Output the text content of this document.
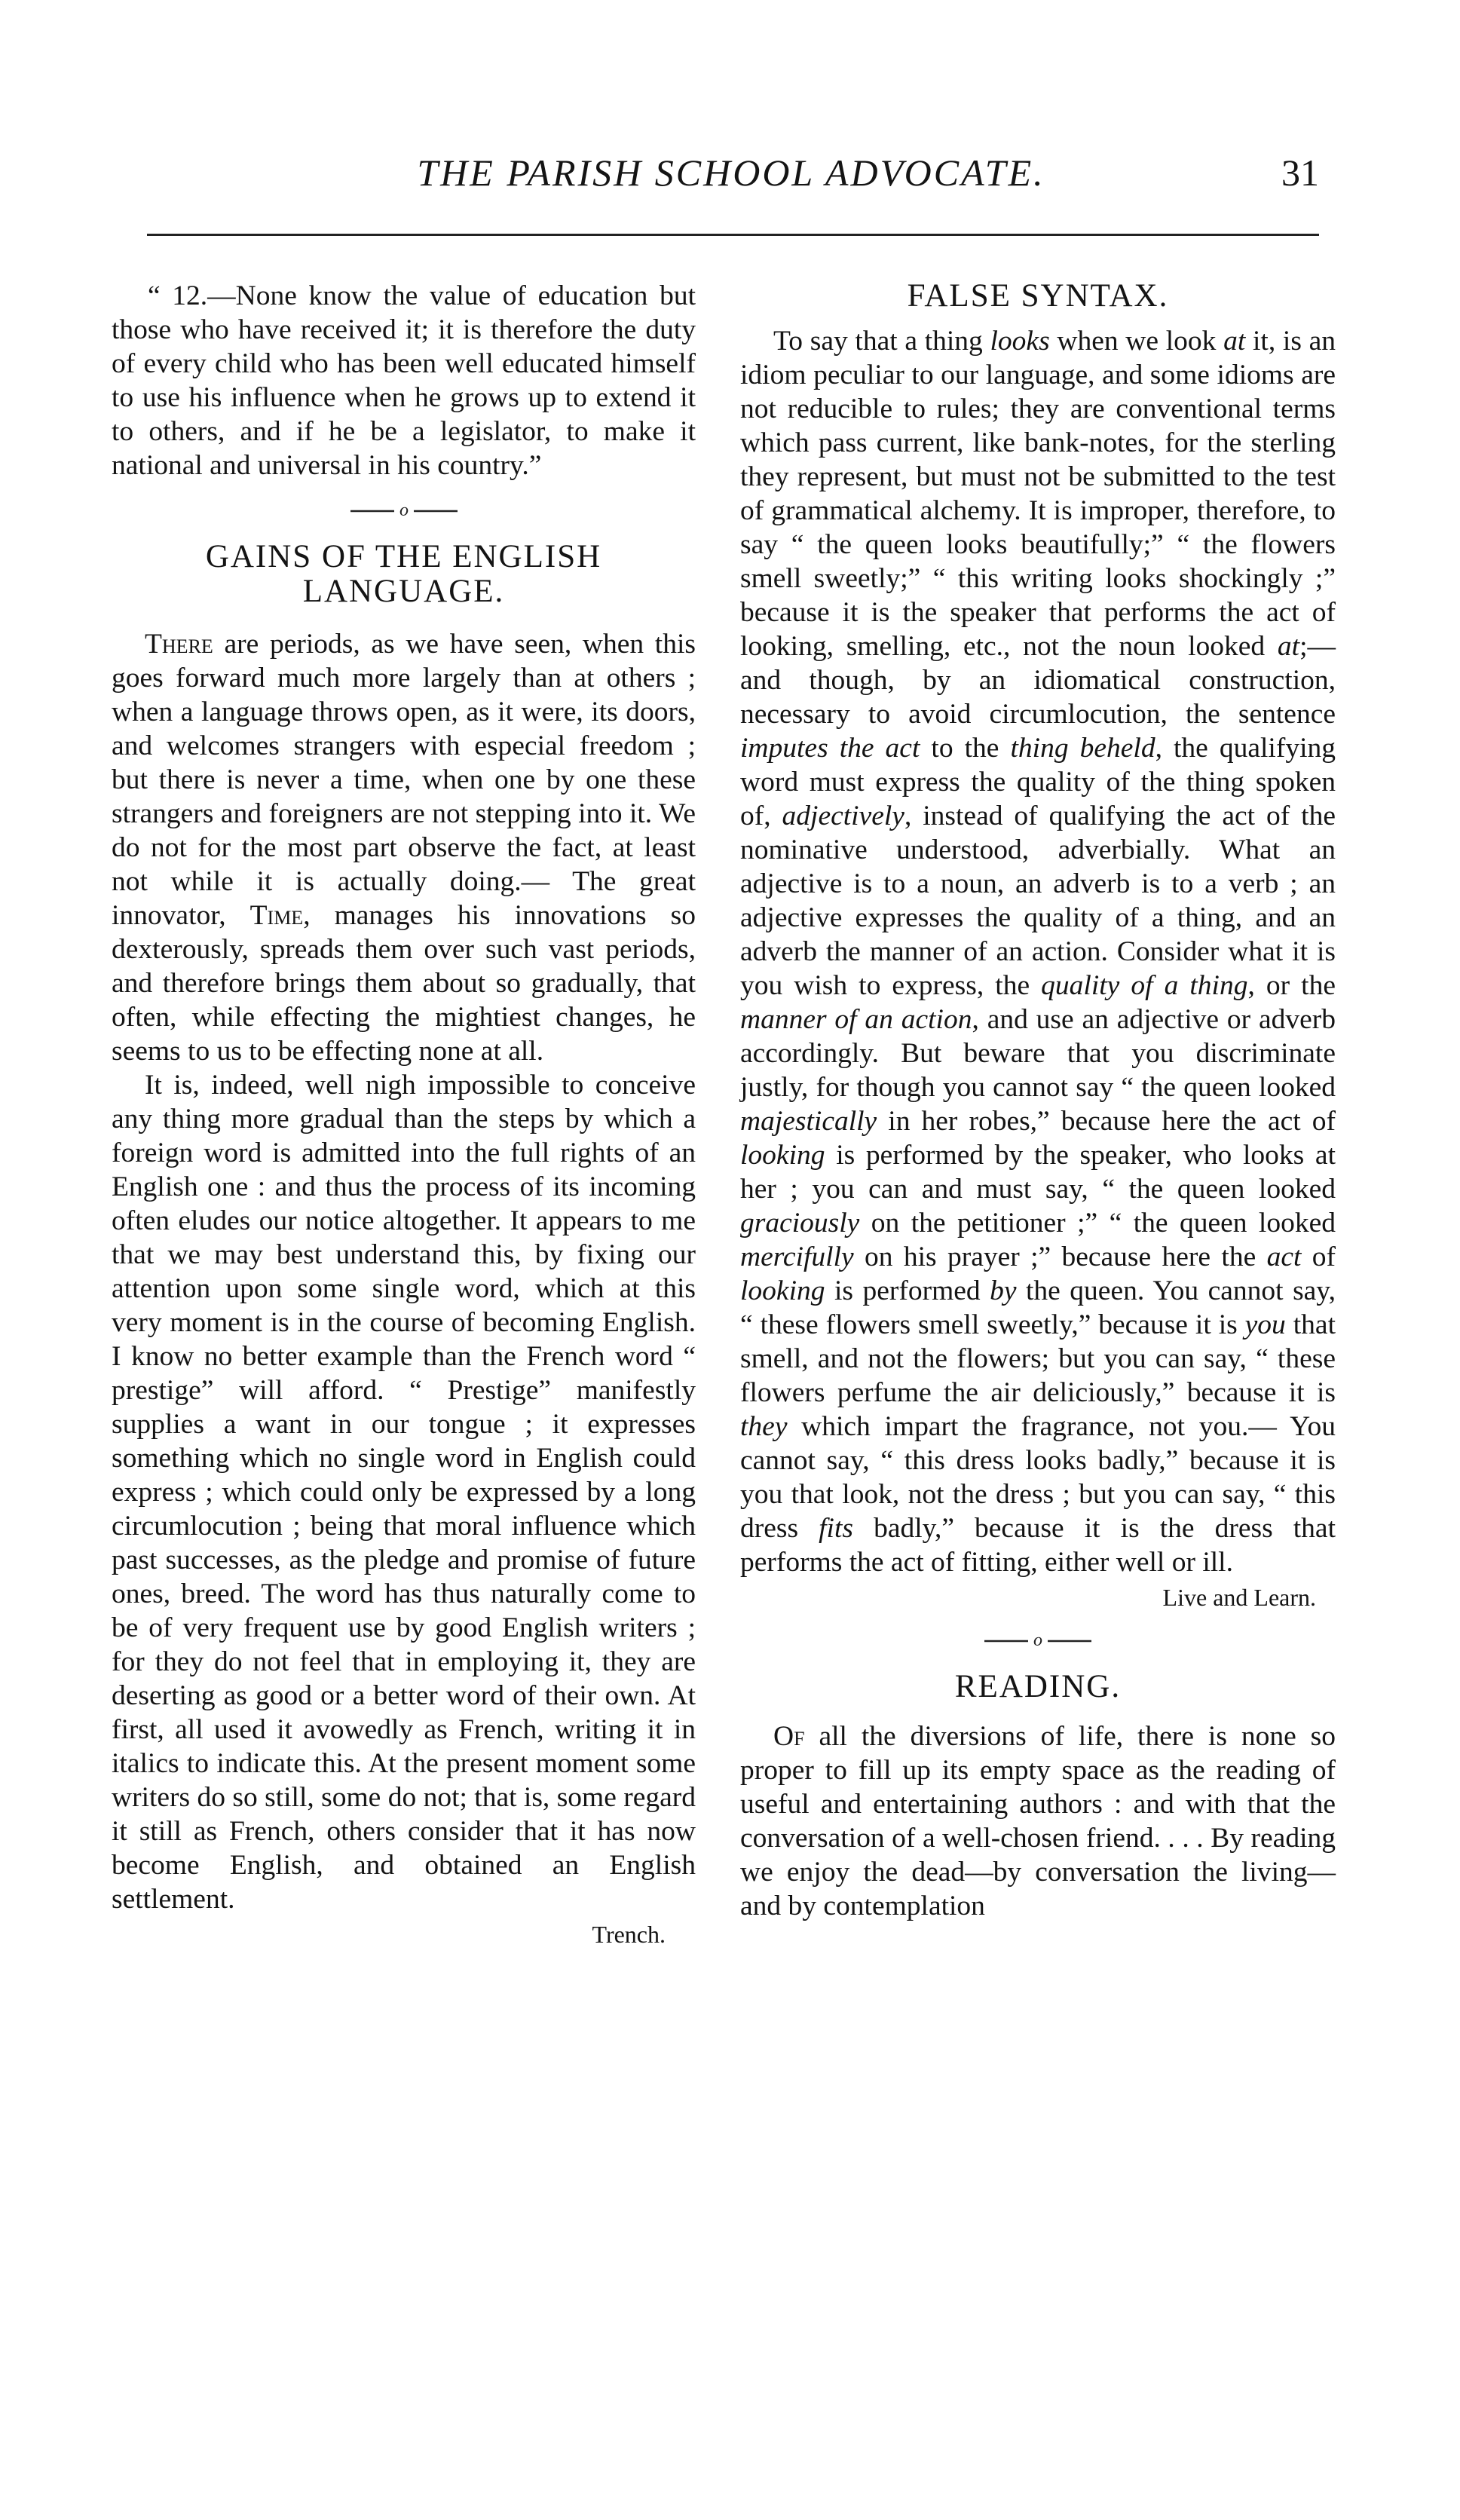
THE PARISH SCHOOL ADVOCATE.	31

“ 12.—None know the value of education but those who have received it; it is therefore the duty of every child who has been well educated himself to use his influence when he grows up to extend it to others, and if he be a legislator, to make it national and universal in his country.”

o
GAINS OF THE ENGLISH LANGUAGE.

There are periods, as we have seen, when this goes forward much more largely than at others ; when a language throws open, as it were, its doors, and welcomes strangers with especial freedom ; but there is never a time, when one by one these strangers and foreigners are not stepping into it. We do not for the most part observe the fact, at least not while it is actually doing.— The great innovator, Time, manages his innovations so dexterously, spreads them over such vast periods, and therefore brings them about so gradually, that often, while effecting the mightiest changes, he seems to us to be effecting none at all.

It is, indeed, well nigh impossible to conceive any thing more gradual than the steps by which a foreign word is admitted into the full rights of an English one : and thus the process of its incoming often eludes our notice altogether. It appears to me that we may best understand this, by fixing our attention upon some single word, which at this very moment is in the course of becoming English. I know no better example than the French word “ prestige” will afford. “ Prestige” manifestly supplies a want in our tongue ; it expresses something which no single word in English could express ; which could only be expressed by a long circumlocution ; being that moral influence which past successes, as the pledge and promise of future ones, breed. The word has thus naturally come to be of very frequent use by good English writers ; for they do not feel that in employing it, they are deserting as good or a better word of their own. At first, all used it avowedly as French, writing it in italics to indicate this. At the present moment some writers do so still, some do not; that is, some regard it still as French, others consider that it has now become English, and obtained an English settlement.

Trench.
FALSE SYNTAX.

To say that a thing looks when we look at it, is an idiom peculiar to our language, and some idioms are not reducible to rules; they are conventional terms which pass current, like bank-notes, for the sterling they represent, but must not be submitted to the test of grammatical alchemy. It is improper, therefore, to say “ the queen looks beautifully;” “ the flowers smell sweetly;” “ this writing looks shockingly ;” because it is the speaker that performs the act of looking, smelling, etc., not the noun looked at;—and though, by an idiomatical construction, necessary to avoid circumlocution, the sentence imputes the act to the thing beheld, the qualifying word must express the quality of the thing spoken of, adjectively, instead of qualifying the act of the nominative understood, adverbially. What an adjective is to a noun, an adverb is to a verb ; an adjective expresses the quality of a thing, and an adverb the manner of an action. Consider what it is you wish to express, the quality of a thing, or the manner of an action, and use an adjective or adverb accordingly. But beware that you discriminate justly, for though you cannot say “ the queen looked majestically in her robes,” because here the act of looking is performed by the speaker, who looks at her ; you can and must say, “ the queen looked graciously on the petitioner ;” “ the queen looked mercifully on his prayer ;” because here the act of looking is performed by the queen. You cannot say, “ these flowers smell sweetly,” because it is you that smell, and not the flowers; but you can say, “ these flowers perfume the air deliciously,” because it is they which impart the fragrance, not you.— You cannot say, “ this dress looks badly,” because it is you that look, not the dress ; but you can say, “ this dress fits badly,” because it is the dress that performs the act of fitting, either well or ill.

Live and Learn.
o
READING.

Of all the diversions of life, there is none so proper to fill up its empty space as the reading of useful and entertaining authors : and with that the conversation of a well-chosen friend. . . . By reading we enjoy the dead—by conversation the living—and by contemplation
